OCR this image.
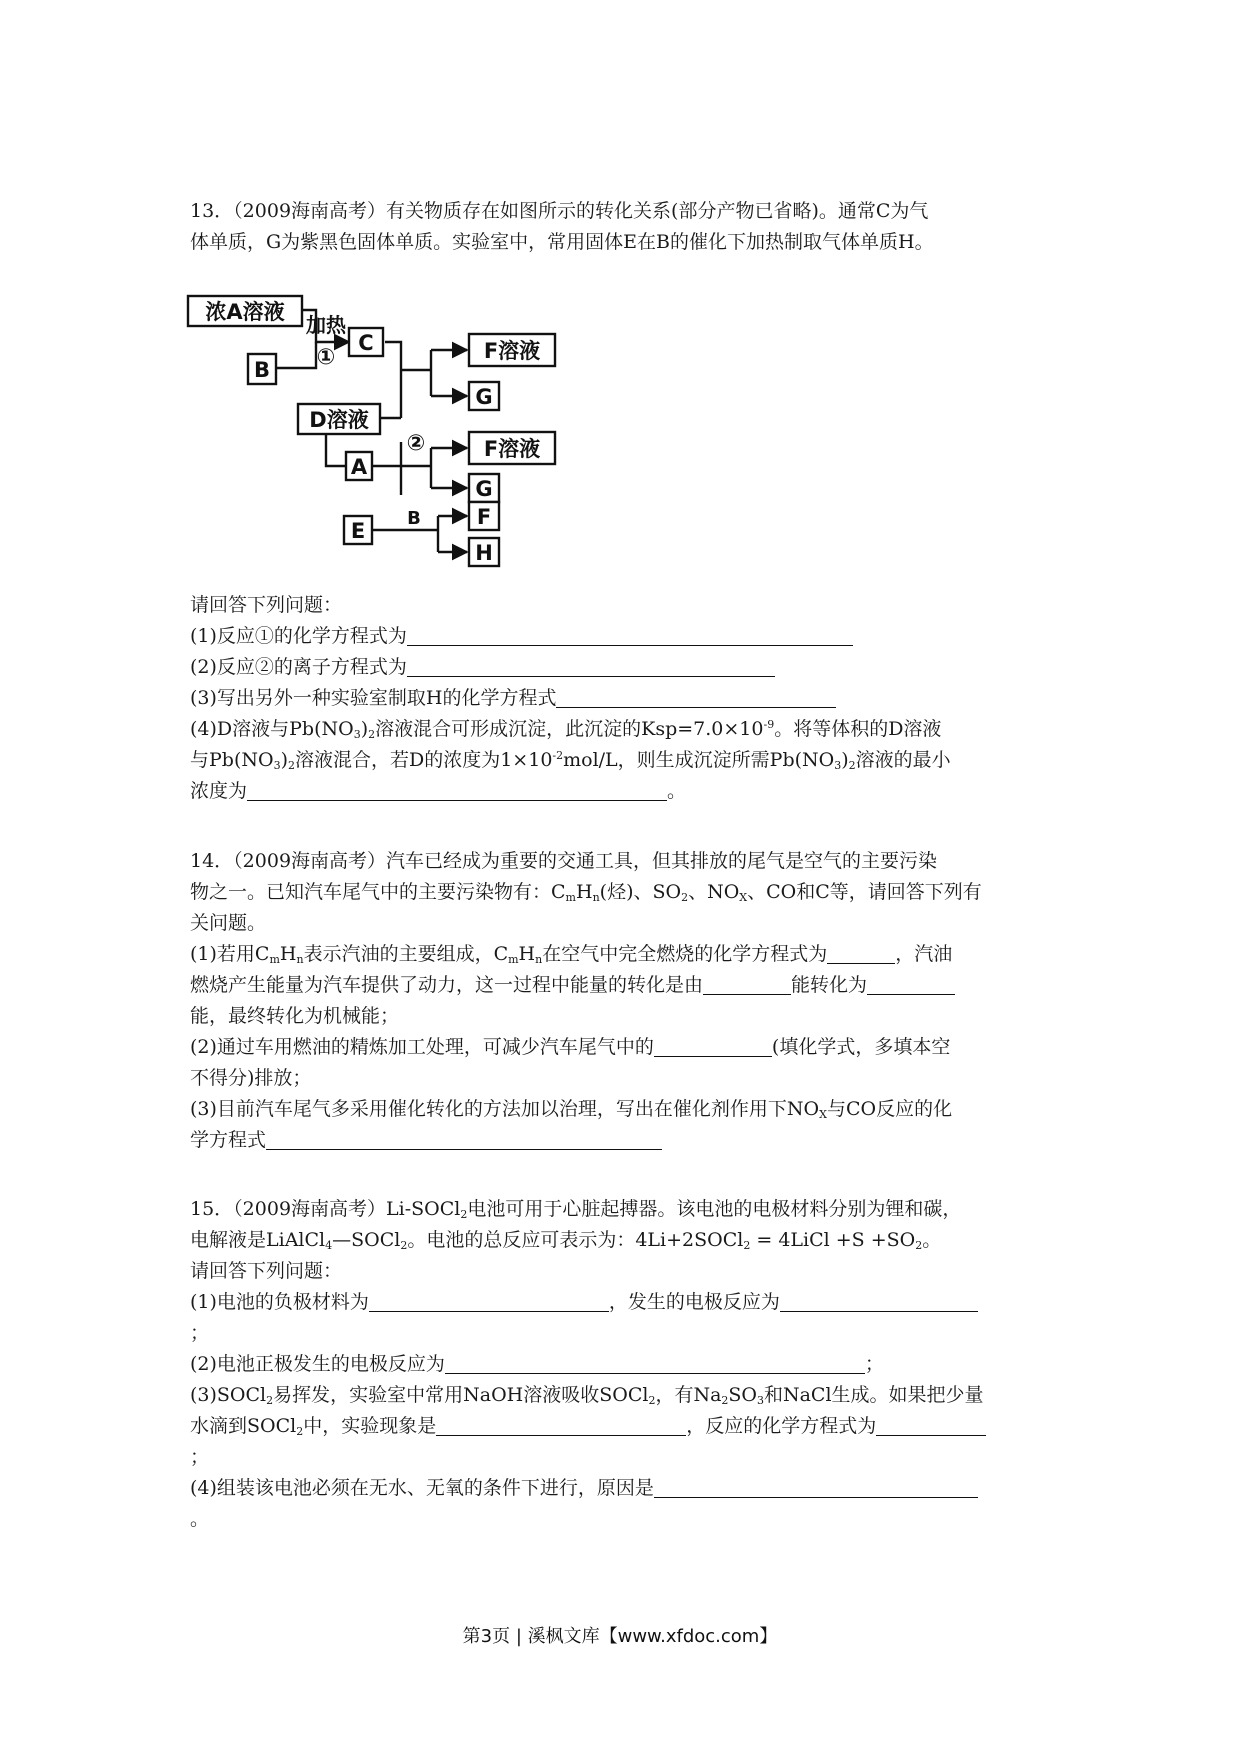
13．（2009海南高考）有关物质存在如图所示的转化关系(部分产物已省略)。通常C为气

体单质，G为紫黑色固体单质。实验室中，常用固体E在B的催化下加热制取气体单质H。

浓A溶液
B
C
D溶液
A
E
F溶液
G
F溶液
G
F
H
加热
①
②
B

请回答下列问题：

(1)反应①的化学方程式为

(2)反应②的离子方程式为

(3)写出另外一种实验室制取H的化学方程式

(4)D溶液与$Pb(NO_3)_2$溶液混合可形成沉淀，此沉淀的$Ksp=7.0\times 10^{-9}$。将等体积的D溶液

与$Pb(NO_3)_2$溶液混合，若D的浓度为$1\times 10^{-2}mol/L$，则生成沉淀所需$Pb(NO_3)_2$溶液的最小

浓度为	。

14．（2009海南高考）汽车已经成为重要的交通工具，但其排放的尾气是空气的主要污染

物之一。已知汽车尾气中的主要污染物有：$C_mH_n$(烃)、$SO_2$、$NO_X$、CO和C等，请回答下列有

关问题。

(1)若用$C_mH_n$表示汽油的主要组成，$C_mH_n$在空气中完全燃烧的化学方程式为	，汽油

燃烧产生能量为汽车提供了动力，这一过程中能量的转化是由	能转化为

能，最终转化为机械能；

(2)通过车用燃油的精炼加工处理，可减少汽车尾气中的	(填化学式，多填本空

不得分)排放；

(3)目前汽车尾气多采用催化转化的方法加以治理，写出在催化剂作用下$NO_X$与CO反应的化

学方程式

15．（2009海南高考）Li-SOCl$_2$电池可用于心脏起搏器。该电池的电极材料分别为锂和碳，

电解液是LiAlCl$_4$—SOCl$_2$。电池的总反应可表示为：4Li+2SOCl$_2$ = 4LiCl $+S +SO_2$。

请回答下列问题：

(1)电池的负极材料为	，发生的电极反应为

；

(2)电池正极发生的电极反应为	；

(3)SOCl$_2$易挥发，实验室中常用NaOH溶液吸收SOCl$_2$，有$Na_2SO_3$和NaCl生成。如果把少量

水滴到SOCl$_2$中，实验现象是	，反应的化学方程式为

；

(4)组装该电池必须在无水、无氧的条件下进行，原因是

。

第3页 | 溪枫文库【www.xfdoc.com】
